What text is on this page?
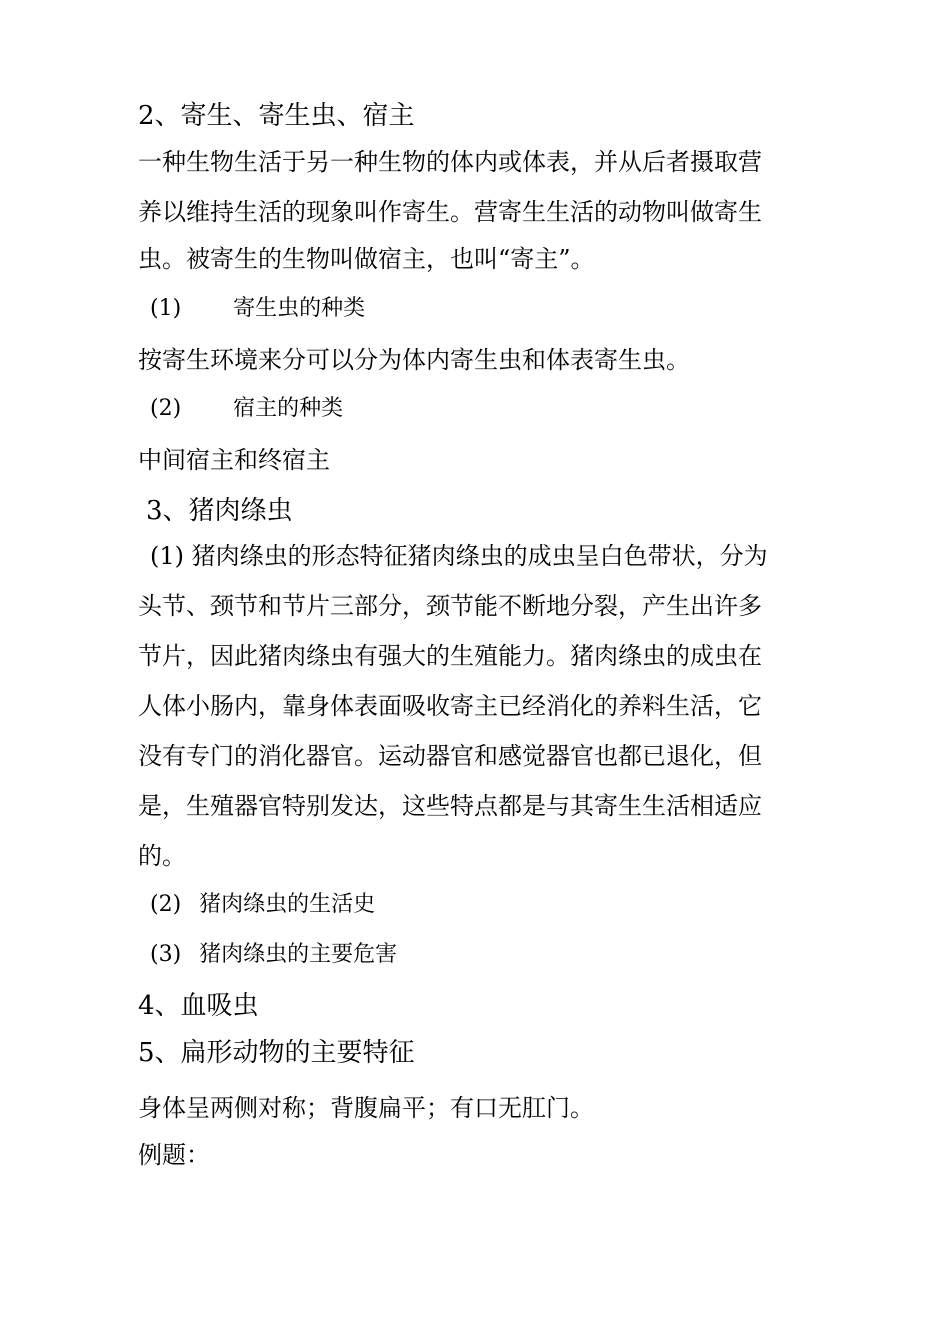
2、寄生、寄生虫、宿主
一种生物生活于另一种生物的体内或体表，并从后者摄取营
养以维持生活的现象叫作寄生。营寄生生活的动物叫做寄生
虫。被寄生的生物叫做宿主，也叫“寄主”。
(1) 寄生虫的种类
按寄生环境来分可以分为体内寄生虫和体表寄生虫。
(2) 宿主的种类
中间宿主和终宿主
3、猪肉绦虫
(1) 猪肉绦虫的形态特征猪肉绦虫的成虫呈白色带状，分为
头节、颈节和节片三部分，颈节能不断地分裂，产生出许多
节片，因此猪肉绦虫有强大的生殖能力。猪肉绦虫的成虫在
人体小肠内，靠身体表面吸收寄主已经消化的养料生活，它
没有专门的消化器官。运动器官和感觉器官也都已退化，但
是，生殖器官特别发达，这些特点都是与其寄生生活相适应
的。
(2) 猪肉绦虫的生活史
(3) 猪肉绦虫的主要危害
4、血吸虫
5、扁形动物的主要特征
身体呈两侧对称；背腹扁平；有口无肛门。
例题：
